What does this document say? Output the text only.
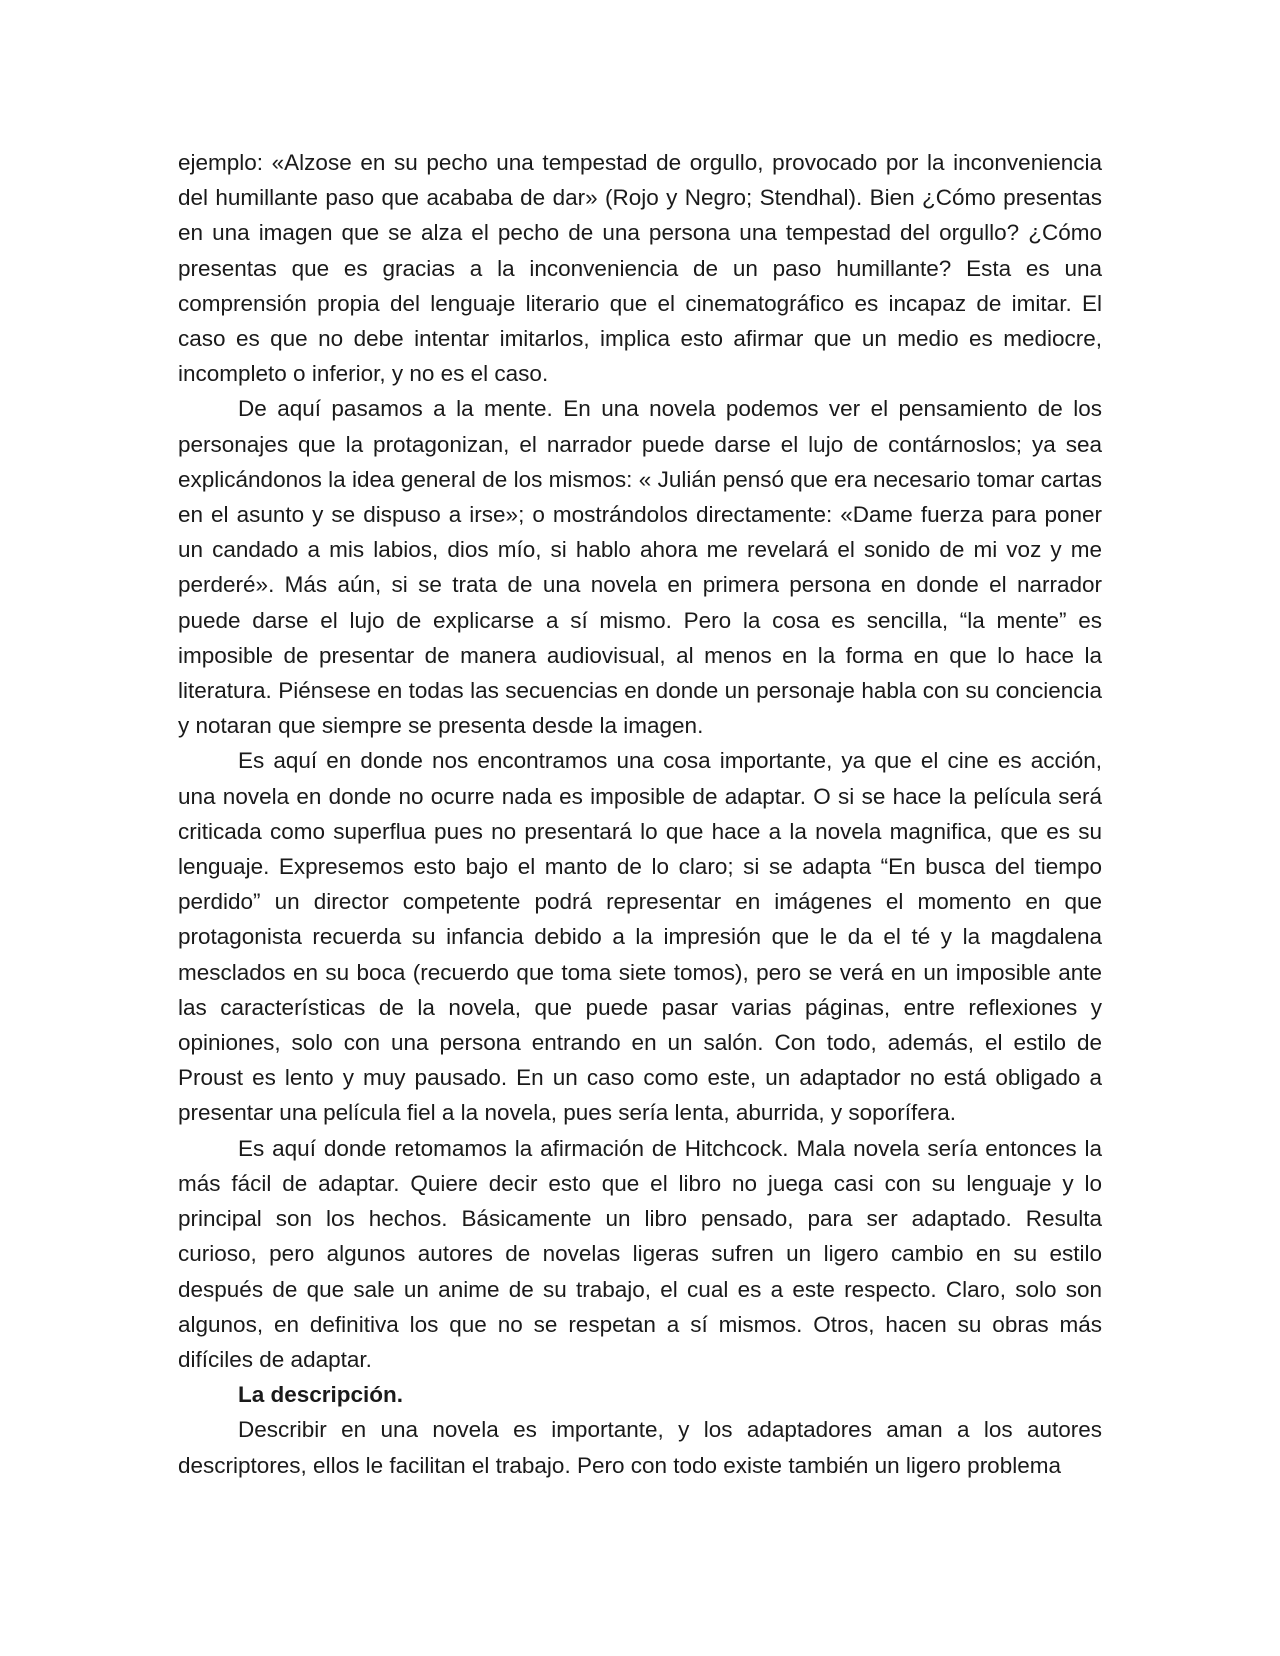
ejemplo: «Alzose en su pecho una tempestad de orgullo, provocado por la inconveniencia del humillante paso que acababa de dar» (Rojo y Negro; Stendhal). Bien ¿Cómo presentas en una imagen que se alza el pecho de una persona una tempestad del orgullo? ¿Cómo presentas que es gracias a la inconveniencia de un paso humillante? Esta es una comprensión propia del lenguaje literario que el cinematográfico es incapaz de imitar. El caso es que no debe intentar imitarlos, implica esto afirmar que un medio es mediocre, incompleto o inferior, y no es el caso.

De aquí pasamos a la mente. En una novela podemos ver el pensamiento de los personajes que la protagonizan, el narrador puede darse el lujo de contárnoslos; ya sea explicándonos la idea general de los mismos: « Julián pensó que era necesario tomar cartas en el asunto y se dispuso a irse»; o mostrándolos directamente: «Dame fuerza para poner un candado a mis labios, dios mío, si hablo ahora me revelará el sonido de mi voz y me perderé». Más aún, si se trata de una novela en primera persona en donde el narrador puede darse el lujo de explicarse a sí mismo. Pero la cosa es sencilla, “la mente” es imposible de presentar de manera audiovisual, al menos en la forma en que lo hace la literatura. Piénsese en todas las secuencias en donde un personaje habla con su conciencia y notaran que siempre se presenta desde la imagen.

Es aquí en donde nos encontramos una cosa importante, ya que el cine es acción, una novela en donde no ocurre nada es imposible de adaptar. O si se hace la película será criticada como superflua pues no presentará lo que hace a la novela magnifica, que es su lenguaje. Expresemos esto bajo el manto de lo claro; si se adapta “En busca del tiempo perdido” un director competente podrá representar en imágenes el momento en que protagonista recuerda su infancia debido a la impresión que le da el té y la magdalena mesclados en su boca (recuerdo que toma siete tomos), pero se verá en un imposible ante las características de la novela, que puede pasar varias páginas, entre reflexiones y opiniones, solo con una persona entrando en un salón. Con todo, además, el estilo de Proust es lento y muy pausado. En un caso como este, un adaptador no está obligado a presentar una película fiel a la novela, pues sería lenta, aburrida, y soporífera.

Es aquí donde retomamos la afirmación de Hitchcock. Mala novela sería entonces la más fácil de adaptar. Quiere decir esto que el libro no juega casi con su lenguaje y lo principal son los hechos. Básicamente un libro pensado, para ser adaptado. Resulta curioso, pero algunos autores de novelas ligeras sufren un ligero cambio en su estilo después de que sale un anime de su trabajo, el cual es a este respecto. Claro, solo son algunos, en definitiva los que no se respetan a sí mismos. Otros, hacen su obras más difíciles de adaptar.

La descripción.

Describir en una novela es importante, y los adaptadores aman a los autores descriptores, ellos le facilitan el trabajo. Pero con todo existe también un ligero problema
